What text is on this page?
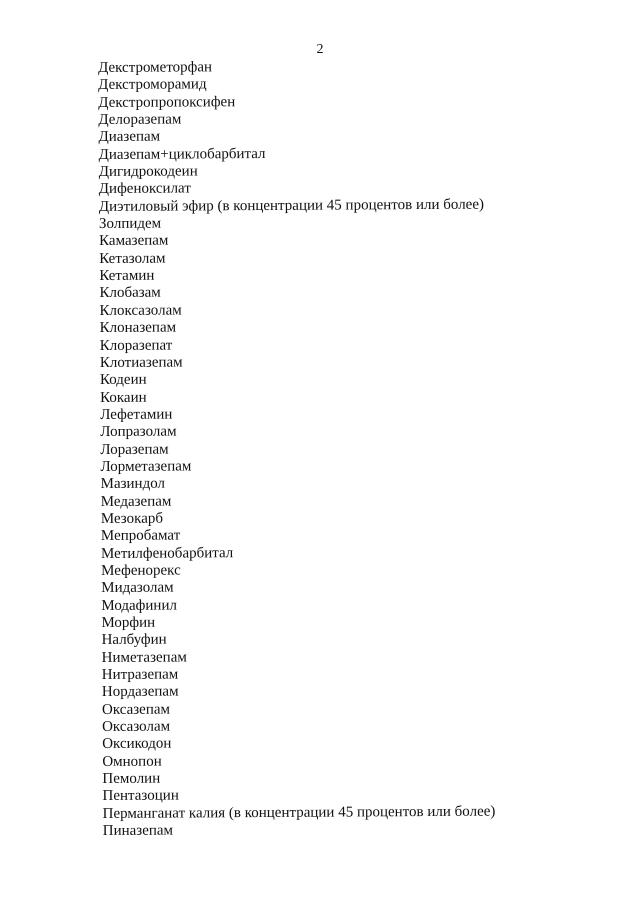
2
Декстрометорфан
Декстроморамид
Декстропропоксифен
Делоразепам
Диазепам
Диазепам+циклобарбитал
Дигидрокодеин
Дифеноксилат
Диэтиловый эфир (в концентрации 45 процентов или более)
Золпидем
Камазепам
Кетазолам
Кетамин
Клобазам
Клоксазолам
Клоназепам
Клоразепат
Клотиазепам
Кодеин
Кокаин
Лефетамин
Лопразолам
Лоразепам
Лорметазепам
Мазиндол
Медазепам
Мезокарб
Мепробамат
Метилфенобарбитал
Мефенорекс
Мидазолам
Модафинил
Морфин
Налбуфин
Ниметазепам
Нитразепам
Нордазепам
Оксазепам
Оксазолам
Оксикодон
Омнопон
Пемолин
Пентазоцин
Перманганат калия (в концентрации 45 процентов или более)
Пиназепам
